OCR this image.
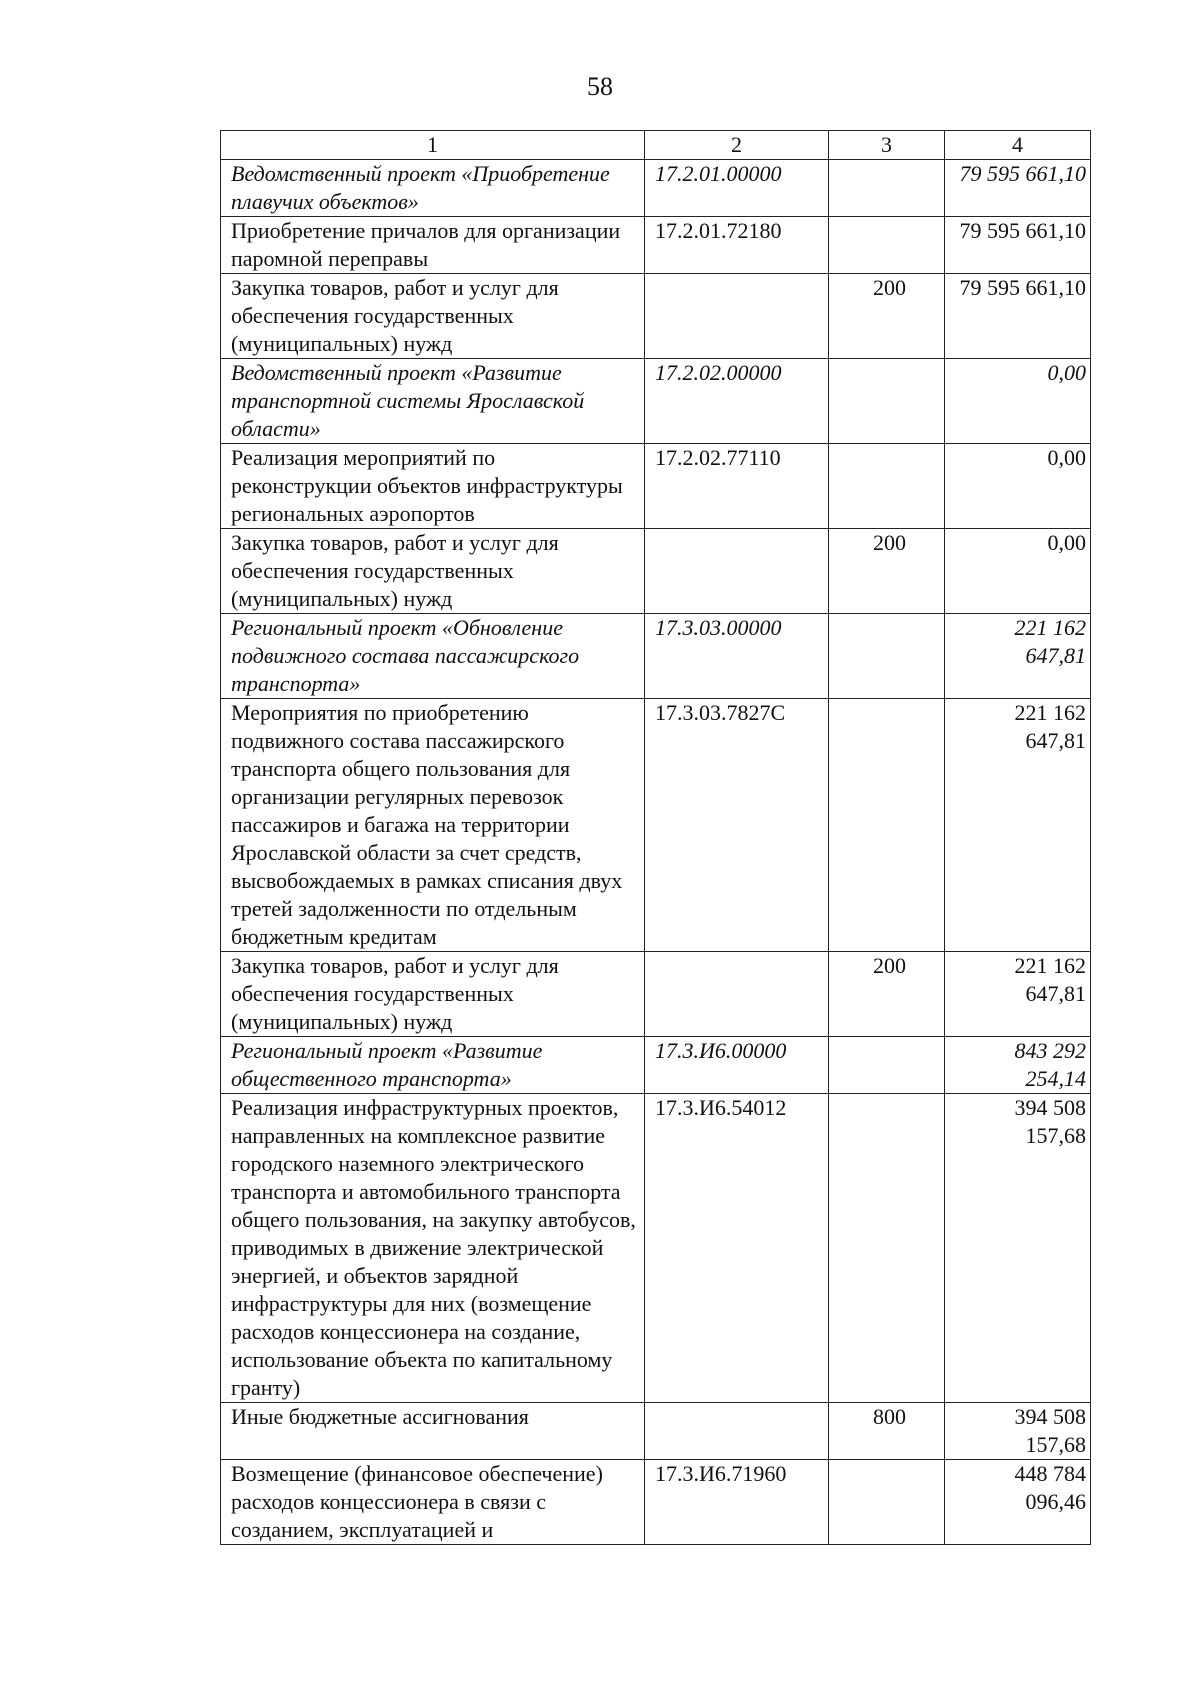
58
1	2	3	4
Ведомственный проект «Приобретение плавучих объектов»	17.2.01.00000		79 595 661,10
Приобретение причалов для организации паромной переправы	17.2.01.72180		79 595 661,10
Закупка товаров, работ и услуг для обеспечения государственных (муниципальных) нужд		200	79 595 661,10
Ведомственный проект «Развитие транспортной системы Ярославской области»	17.2.02.00000		0,00
Реализация мероприятий по реконструкции объектов инфраструктуры региональных аэропортов	17.2.02.77110		0,00
Закупка товаров, работ и услуг для обеспечения государственных (муниципальных) нужд		200	0,00
Региональный проект «Обновление подвижного состава пассажирского транспорта»	17.3.03.00000		221 162 647,81
Мероприятия по приобретению подвижного состава пассажирского транспорта общего пользования для организации регулярных перевозок пассажиров и багажа на территории Ярославской области за счет средств, высвобождаемых в рамках списания двух третей задолженности по отдельным бюджетным кредитам	17.3.03.7827С		221 162 647,81
Закупка товаров, работ и услуг для обеспечения государственных (муниципальных) нужд		200	221 162 647,81
Региональный проект «Развитие общественного транспорта»	17.3.И6.00000		843 292 254,14
Реализация инфраструктурных проектов, направленных на комплексное развитие городского наземного электрического транспорта и автомобильного транспорта общего пользования, на закупку автобусов, приводимых в движение электрической энергией, и объектов зарядной инфраструктуры для них (возмещение расходов концессионера на создание, использование объекта по капитальному гранту)	17.3.И6.54012		394 508 157,68
Иные бюджетные ассигнования		800	394 508 157,68
Возмещение (финансовое обеспечение) расходов концессионера в связи с созданием, эксплуатацией и	17.3.И6.71960		448 784 096,46
